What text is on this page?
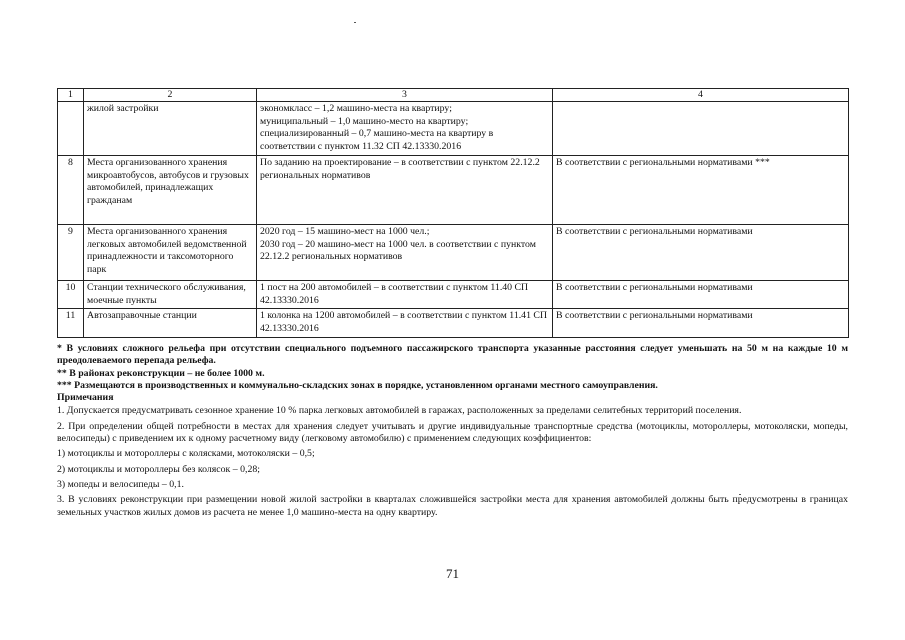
1	2	3	4
	жилой застройки	экономкласс – 1,2 машино-места на квартиру;
муниципальный – 1,0 машино-место на квартиру;
специализированный – 0,7 машино-места на квартиру в соответствии с пунктом 11.32 СП 42.13330.2016	

8	Места организованного хранения микроавтобусов, автобусов и грузовых автомобилей, принадлежащих гражданам	По заданию на проектирование – в соответствии с пунктом 22.12.2 региональных нормативов	В соответствии с региональными нормативами ***
9	Места организованного хранения легковых автомобилей ведомственной принадлежности и таксомоторного парк	2020 год – 15 машино-мест на 1000 чел.;
2030 год – 20 машино-мест на 1000 чел. в соответствии с пунктом 22.12.2 региональных нормативов	В соответствии с региональными нормативами
10	Станции технического обслуживания, моечные пункты	1 пост на 200 автомобилей – в соответствии с пунктом 11.40 СП 42.13330.2016	В соответствии с региональными нормативами
11	Автозаправочные станции	1 колонка на 1200 автомобилей – в соответствии с пунктом 11.41 СП 42.13330.2016	В соответствии с региональными нормативами

* В условиях сложного рельефа при отсутствии специального подъемного пассажирского транспорта указанные расстояния следует уменьшать на 50 м на каждые 10 м преодолеваемого перепада рельефа.

** В районах реконструкции – не более 1000 м.

*** Размещаются в производственных и коммунально-складских зонах в порядке, установленном органами местного самоуправления.

Примечания

1. Допускается предусматривать сезонное хранение 10 % парка легковых автомобилей в гаражах, расположенных за пределами селитебных территорий поселения.

2. При определении общей потребности в местах для хранения следует учитывать и другие индивидуальные транспортные средства (мотоциклы, мотороллеры, мотоколяски, мопеды, велосипеды) с приведением их к одному расчетному виду (легковому автомобилю) с применением следующих коэффициентов:

1) мотоциклы и мотороллеры с колясками, мотоколяски – 0,5;

2) мотоциклы и мотороллеры без колясок – 0,28;

3) мопеды и велосипеды – 0,1.

3. В условиях реконструкции при размещении новой жилой застройки в кварталах сложившейся застройки места для хранения автомобилей должны быть предусмотрены в границах земельных участков жилых домов из расчета не менее 1,0 машино-места на одну квартиру.

71
